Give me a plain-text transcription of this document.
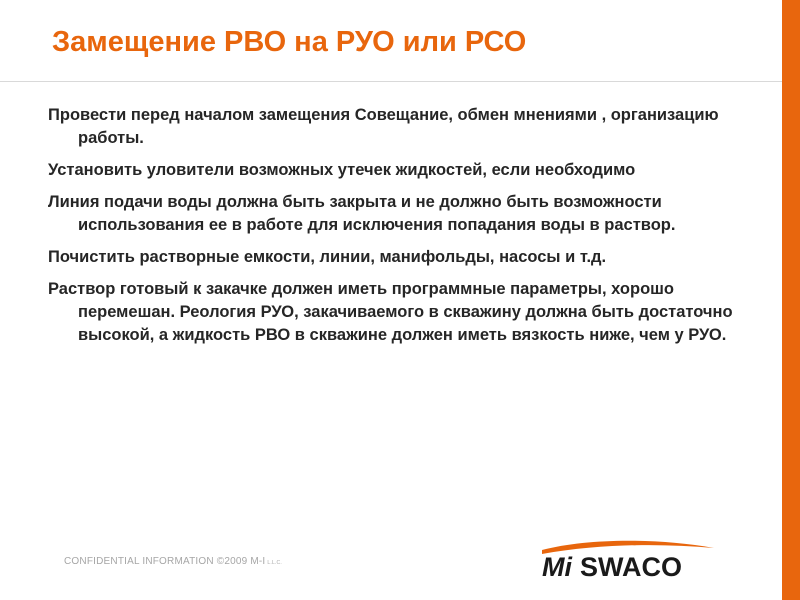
Замещение РВО на РУО или РСО
Провести перед началом замещения Совещание, обмен мнениями , организацию работы.
Установить уловители возможных утечек жидкостей, если необходимо
Линия подачи воды должна быть закрыта и не должно быть возможности использования ее в работе для исключения попадания воды в раствор.
Почистить растворные емкости, линии, манифольды, насосы и т.д.
Раствор готовый к закачке должен иметь программные параметры, хорошо перемешан. Реология РУО, закачиваемого в скважину должна быть достаточно высокой, а жидкость РВО в скважине должен иметь вязкость ниже, чем у РУО.
CONFIDENTIAL INFORMATION ©2009 M-I L.L.C.	Mi SWACO
